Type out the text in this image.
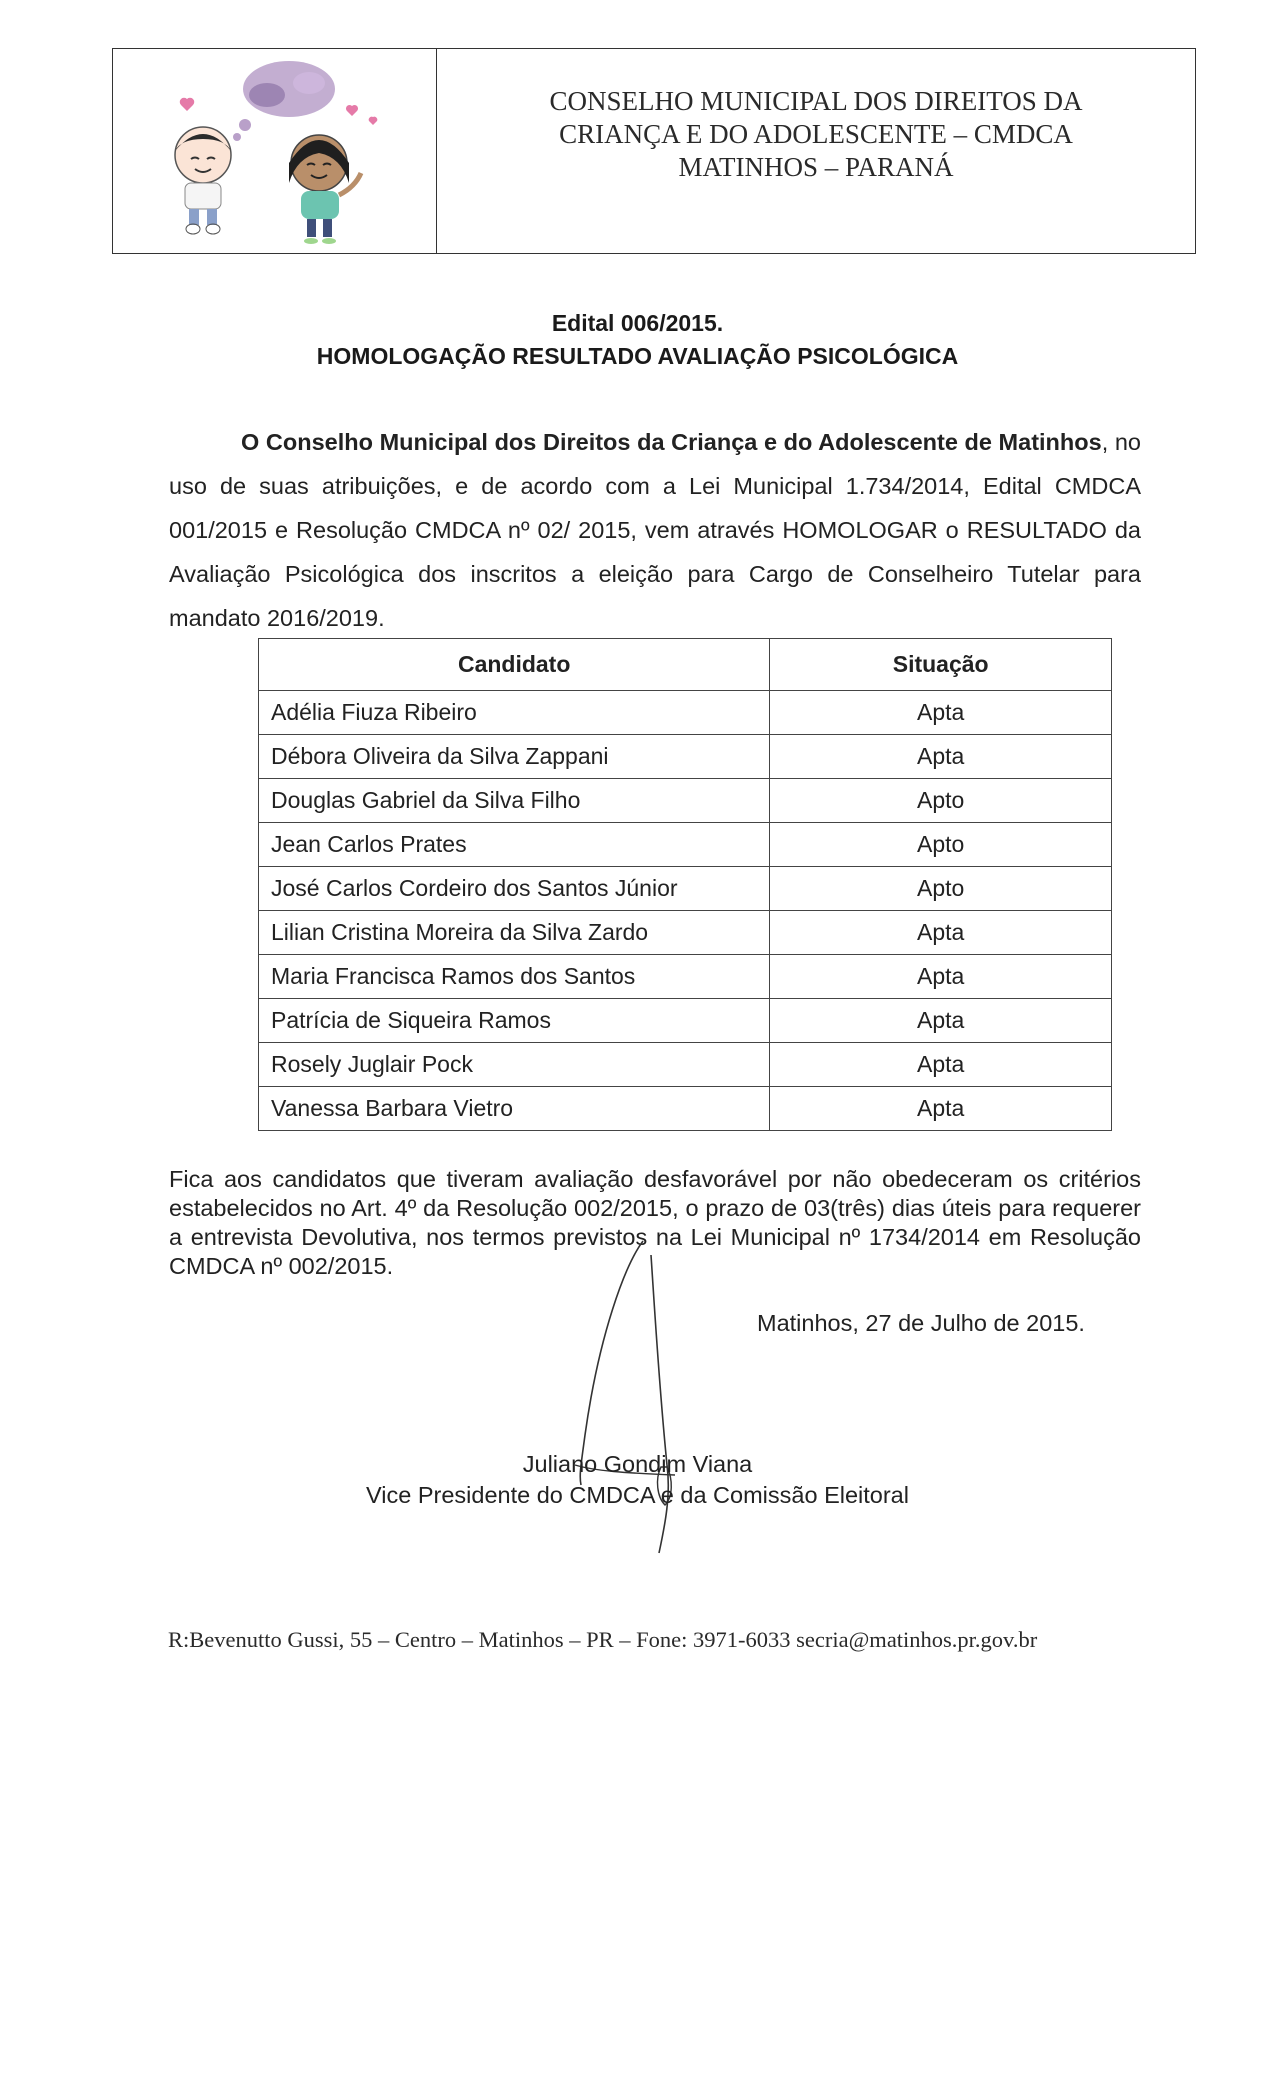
CONSELHO MUNICIPAL DOS DIREITOS DA
CRIANÇA E DO ADOLESCENTE – CMDCA
MATINHOS – PARANÁ
Edital 006/2015.
HOMOLOGAÇÃO RESULTADO AVALIAÇÃO PSICOLÓGICA
O Conselho Municipal dos Direitos da Criança e do Adolescente de Matinhos, no uso de suas atribuições, e de acordo com a Lei Municipal 1.734/2014, Edital CMDCA 001/2015 e Resolução CMDCA nº 02/ 2015, vem através HOMOLOGAR o RESULTADO da Avaliação Psicológica dos inscritos a eleição para Cargo de Conselheiro Tutelar para mandato 2016/2019.
Candidato	Situação
Adélia Fiuza Ribeiro	Apta
Débora Oliveira da Silva Zappani	Apta
Douglas Gabriel da Silva Filho	Apto
Jean Carlos Prates	Apto
José Carlos Cordeiro dos Santos Júnior	Apto
Lilian Cristina Moreira da Silva Zardo	Apta
Maria Francisca Ramos dos Santos	Apta
Patrícia de Siqueira Ramos	Apta
Rosely Juglair Pock	Apta
Vanessa Barbara Vietro	Apta
Fica aos candidatos que tiveram avaliação desfavorável por não obedeceram os critérios estabelecidos no Art. 4º da Resolução 002/2015, o prazo de 03(três) dias úteis para requerer a entrevista Devolutiva, nos termos previstos na Lei Municipal nº 1734/2014 em Resolução CMDCA nº 002/2015.
Matinhos, 27 de Julho de 2015.
Juliano Gondim Viana
Vice Presidente do CMDCA e da Comissão Eleitoral
R:Bevenutto Gussi, 55 – Centro – Matinhos – PR – Fone: 3971-6033 secria@matinhos.pr.gov.br
